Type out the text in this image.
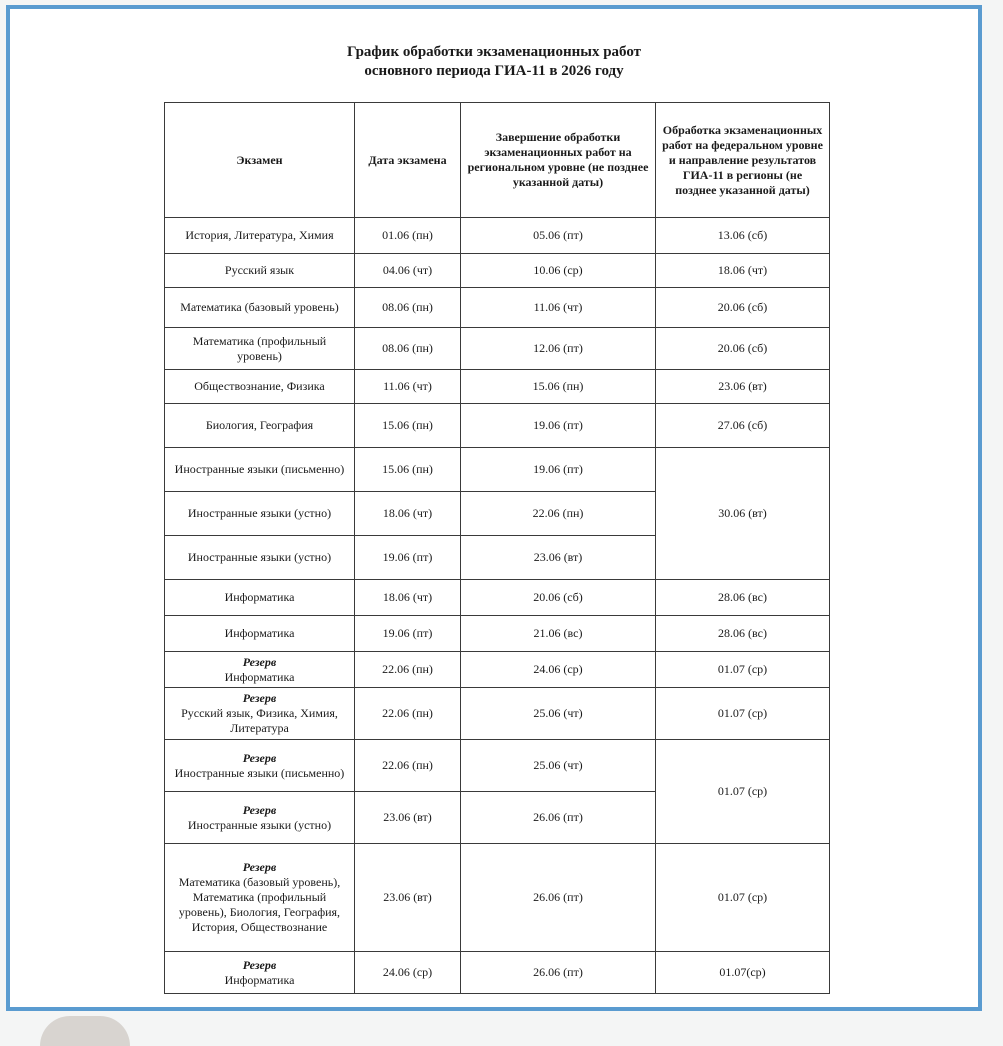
График обработки экзаменационных работ
основного периода ГИА-11 в 2026 году
Экзамен	Дата экзамена	Завершение обработки экзаменационных работ на региональном уровне (не позднее указанной даты)	Обработка экзаменационных работ на федеральном уровне и направление результатов ГИА-11 в регионы (не позднее указанной даты)

История, Литература, Химия	01.06 (пн)	05.06 (пт)	13.06 (сб)

Русский язык	04.06 (чт)	10.06 (ср)	18.06 (чт)

Математика (базовый уровень)	08.06 (пн)	11.06 (чт)	20.06 (сб)

Математика (профильный уровень)	08.06 (пн)	12.06 (пт)	20.06 (сб)

Обществознание, Физика	11.06 (чт)	15.06 (пн)	23.06 (вт)

Биология, География	15.06 (пн)	19.06 (пт)	27.06 (сб)

Иностранные языки (письменно)	15.06 (пн)	19.06 (пт)	30.06 (вт)

Иностранные языки (устно)	18.06 (чт)	22.06 (пн)	

Иностранные языки (устно)	19.06 (пт)	23.06 (вт)	

Информатика	18.06 (чт)	20.06 (сб)	28.06 (вс)

Информатика	19.06 (пт)	21.06 (вс)	28.06 (вс)

Резерв
Информатика	22.06 (пн)	24.06 (ср)	01.07 (ср)

Резерв
Русский язык, Физика, Химия, Литература	22.06 (пн)	25.06 (чт)	01.07 (ср)

Резерв
Иностранные языки (письменно)	22.06 (пн)	25.06 (чт)	01.07 (ср)

Резерв
Иностранные языки (устно)	23.06 (вт)	26.06 (пт)	

Резерв
Математика (базовый уровень), Математика (профильный уровень), Биология, География, История, Обществознание	23.06 (вт)	26.06 (пт)	01.07 (ср)

Резерв
Информатика	24.06 (ср)	26.06 (пт)	01.07(ср)
